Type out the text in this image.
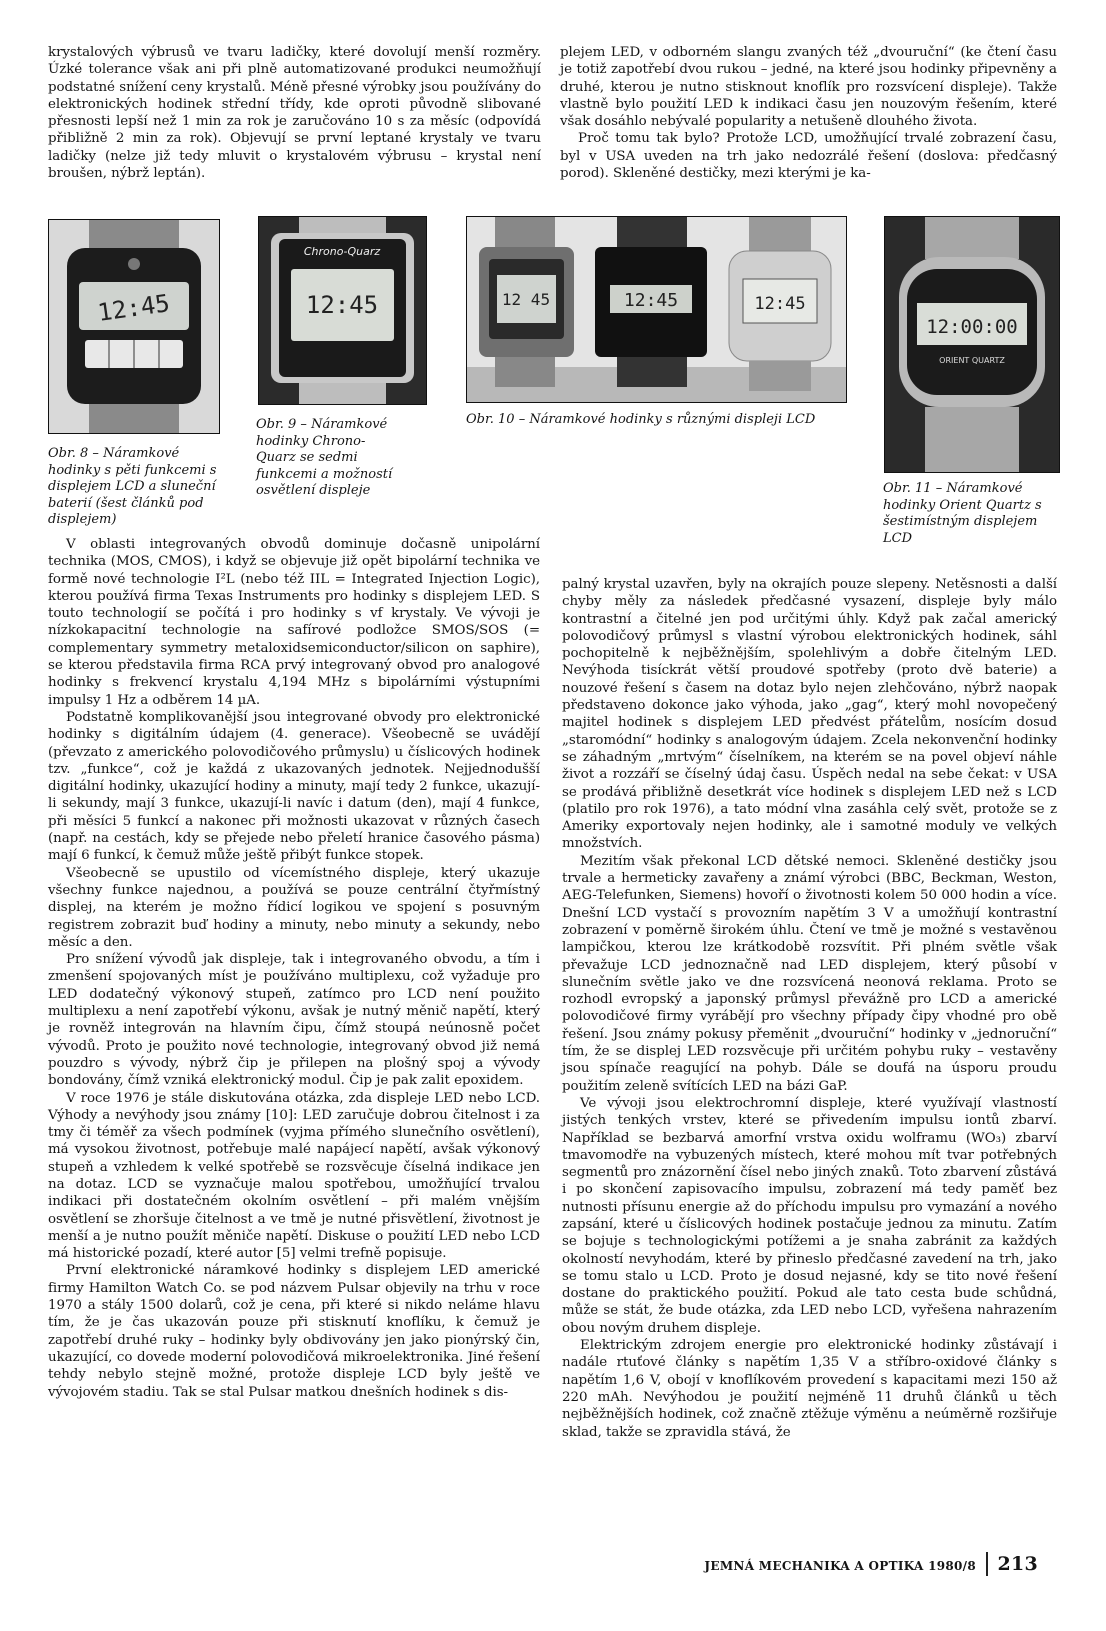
krystalových výbrusů ve tvaru ladičky, které dovolují menší rozměry. Úzké tolerance však ani při plně automatizované produkci neumožňují podstatné snížení ceny krystalů. Méně přesné výrobky jsou používány do elektronických hodinek střední třídy, kde oproti původně slibované přesnosti lepší než 1 min za rok je zaručováno 10 s za měsíc (odpovídá přibližně 2 min za rok). Objevují se první leptané krystaly ve tvaru ladičky (nelze již tedy mluvit o krystalovém výbrusu – krystal není broušen, nýbrž leptán).

plejem LED, v odborném slangu zvaných též „dvouruční“ (ke čtení času je totiž zapotřebí dvou rukou – jedné, na které jsou hodinky připevněny a druhé, kterou je nutno stisknout knoflík pro rozsvícení displeje). Takže vlastně bylo použití LED k indikaci času jen nouzovým řešením, které však dosáhlo nebývalé popularity a netušeně dlouhého života.

Proč tomu tak bylo? Protože LCD, umožňující trvalé zobrazení času, byl v USA uveden na trh jako nedozrálé řešení (doslova: předčasný porod). Skleněné destičky, mezi kterými je ka-

12:45
Obr. 8 – Náramkové hodinky s pěti funkcemi s displejem LCD a sluneční baterií (šest článků pod displejem)
Chrono-Quarz
12:45
Obr. 9 – Náramkové hodinky Chrono-Quarz se sedmi funkcemi a možností osvětlení displeje
12 45	12:45	12:45
Obr. 10 – Náramkové hodinky s různými displeji LCD
12:00:00
ORIENT QUARTZ
Obr. 11 – Náramkové hodinky Orient Quartz s šestimístným displejem LCD

V oblasti integrovaných obvodů dominuje dočasně unipolární technika (MOS, CMOS), i když se objevuje již opět bipolární technika ve formě nové technologie I²L (nebo též IIL = Integrated Injection Logic), kterou používá firma Texas Instruments pro hodinky s displejem LED. S touto technologií se počítá i pro hodinky s vf krystaly. Ve vývoji je nízkokapacitní technologie na safírové podložce SMOS/SOS (= complementary symmetry metaloxidsemiconductor/silicon on saphire), se kterou představila firma RCA prvý integrovaný obvod pro analogové hodinky s frekvencí krystalu 4,194 MHz s bipolárními výstupními impulsy 1 Hz a odběrem 14 µA.

Podstatně komplikovanější jsou integrované obvody pro elektronické hodinky s digitálním údajem (4. generace). Všeobecně se uvádějí (převzato z amerického polovodičového průmyslu) u číslicových hodinek tzv. „funkce“, což je každá z ukazovaných jednotek. Nejjednodušší digitální hodinky, ukazující hodiny a minuty, mají tedy 2 funkce, ukazují-li sekundy, mají 3 funkce, ukazují-li navíc i datum (den), mají 4 funkce, při měsíci 5 funkcí a nakonec při možnosti ukazovat v různých časech (např. na cestách, kdy se přejede nebo přeletí hranice časového pásma) mají 6 funkcí, k čemuž může ještě přibýt funkce stopek.

Všeobecně se upustilo od vícemístného displeje, který ukazuje všechny funkce najednou, a používá se pouze centrální čtyřmístný displej, na kterém je možno řídicí logikou ve spojení s posuvným registrem zobrazit buď hodiny a minuty, nebo minuty a sekundy, nebo měsíc a den.

Pro snížení vývodů jak displeje, tak i integrovaného obvodu, a tím i zmenšení spojovaných míst je používáno multiplexu, což vyžaduje pro LED dodatečný výkonový stupeň, zatímco pro LCD není použito multiplexu a není zapotřebí výkonu, avšak je nutný měnič napětí, který je rovněž integrován na hlavním čipu, čímž stoupá neúnosně počet vývodů. Proto je použito nové technologie, integrovaný obvod již nemá pouzdro s vývody, nýbrž čip je přilepen na plošný spoj a vývody bondovány, čímž vzniká elektronický modul. Čip je pak zalit epoxidem.

V roce 1976 je stále diskutována otázka, zda displeje LED nebo LCD. Výhody a nevýhody jsou známy [10]: LED zaručuje dobrou čitelnost i za tmy či téměř za všech podmínek (vyjma přímého slunečního osvětlení), má vysokou životnost, potřebuje malé napájecí napětí, avšak výkonový stupeň a vzhledem k velké spotřebě se rozsvěcuje číselná indikace jen na dotaz. LCD se vyznačuje malou spotřebou, umožňující trvalou indikaci při dostatečném okolním osvětlení – při malém vnějším osvětlení se zhoršuje čitelnost a ve tmě je nutné přisvětlení, životnost je menší a je nutno použít měniče napětí. Diskuse o použití LED nebo LCD má historické pozadí, které autor [5] velmi trefně popisuje.

První elektronické náramkové hodinky s displejem LED americké firmy Hamilton Watch Co. se pod názvem Pulsar objevily na trhu v roce 1970 a stály 1500 dolarů, což je cena, při které si nikdo neláme hlavu tím, že je čas ukazován pouze při stisknutí knoflíku, k čemuž je zapotřebí druhé ruky – hodinky byly obdivovány jen jako pionýrský čin, ukazující, co dovede moderní polovodičová mikroelektronika. Jiné řešení tehdy nebylo stejně možné, protože displeje LCD byly ještě ve vývojovém stadiu. Tak se stal Pulsar matkou dnešních hodinek s dis-

palný krystal uzavřen, byly na okrajích pouze slepeny. Netěsnosti a další chyby měly za následek předčasné vysazení, displeje byly málo kontrastní a čitelné jen pod určitými úhly. Když pak začal americký polovodičový průmysl s vlastní výrobou elektronických hodinek, sáhl pochopitelně k nejběžnějším, spolehlivým a dobře čitelným LED. Nevýhoda tisíckrát větší proudové spotřeby (proto dvě baterie) a nouzové řešení s časem na dotaz bylo nejen zlehčováno, nýbrž naopak představeno dokonce jako výhoda, jako „gag“, který mohl novopečený majitel hodinek s displejem LED předvést přátelům, nosícím dosud „staromódní“ hodinky s analogovým údajem. Zcela nekonvenční hodinky se záhadným „mrtvým“ číselníkem, na kterém se na povel objeví náhle život a rozzáří se číselný údaj času. Úspěch nedal na sebe čekat: v USA se prodává přibližně desetkrát více hodinek s displejem LED než s LCD (platilo pro rok 1976), a tato módní vlna zasáhla celý svět, protože se z Ameriky exportovaly nejen hodinky, ale i samotné moduly ve velkých množstvích.

Mezitím však překonal LCD dětské nemoci. Skleněné destičky jsou trvale a hermeticky zavařeny a známí výrobci (BBC, Beckman, Weston, AEG-Telefunken, Siemens) hovoří o životnosti kolem 50 000 hodin a více. Dnešní LCD vystačí s provozním napětím 3 V a umožňují kontrastní zobrazení v poměrně širokém úhlu. Čtení ve tmě je možné s vestavěnou lampičkou, kterou lze krátkodobě rozsvítit. Při plném světle však převažuje LCD jednoznačně nad LED displejem, který působí v slunečním světle jako ve dne rozsvícená neonová reklama. Proto se rozhodl evropský a japonský průmysl převážně pro LCD a americké polovodičové firmy vyrábějí pro všechny případy čipy vhodné pro obě řešení. Jsou známy pokusy přeměnit „dvouruční“ hodinky v „jednoruční“ tím, že se displej LED rozsvěcuje při určitém pohybu ruky – vestavěny jsou spínače reagující na pohyb. Dále se doufá na úsporu proudu použitím zeleně svítících LED na bázi GaP.

Ve vývoji jsou elektrochromní displeje, které využívají vlastností jistých tenkých vrstev, které se přivedením impulsu iontů zbarví. Například se bezbarvá amorfní vrstva oxidu wolframu (WO₃) zbarví tmavomodře na vybuzených místech, které mohou mít tvar potřebných segmentů pro znázornění čísel nebo jiných znaků. Toto zbarvení zůstává i po skončení zapisovacího impulsu, zobrazení má tedy paměť bez nutnosti přísunu energie až do příchodu impulsu pro vymazání a nového zapsání, které u číslicových hodinek postačuje jednou za minutu. Zatím se bojuje s technologickými potížemi a je snaha zabránit za každých okolností nevyhodám, které by přineslo předčasné zavedení na trh, jako se tomu stalo u LCD. Proto je dosud nejasné, kdy se tito nové řešení dostane do praktického použití. Pokud ale tato cesta bude schůdná, může se stát, že bude otázka, zda LED nebo LCD, vyřešena nahrazením obou novým druhem displeje.

Elektrickým zdrojem energie pro elektronické hodinky zůstávají i nadále rtuťové články s napětím 1,35 V a stříbro-oxidové články s napětím 1,6 V, obojí v knoflíkovém provedení s kapacitami mezi 150 až 220 mAh. Nevýhodou je použití nejméně 11 druhů článků u těch nejběžnějších hodinek, což značně ztěžuje výměnu a neúměrně rozšiřuje sklad, takže se zpravidla stává, že

JEMNÁ MECHANIKA A OPTIKA 1980/8 213
